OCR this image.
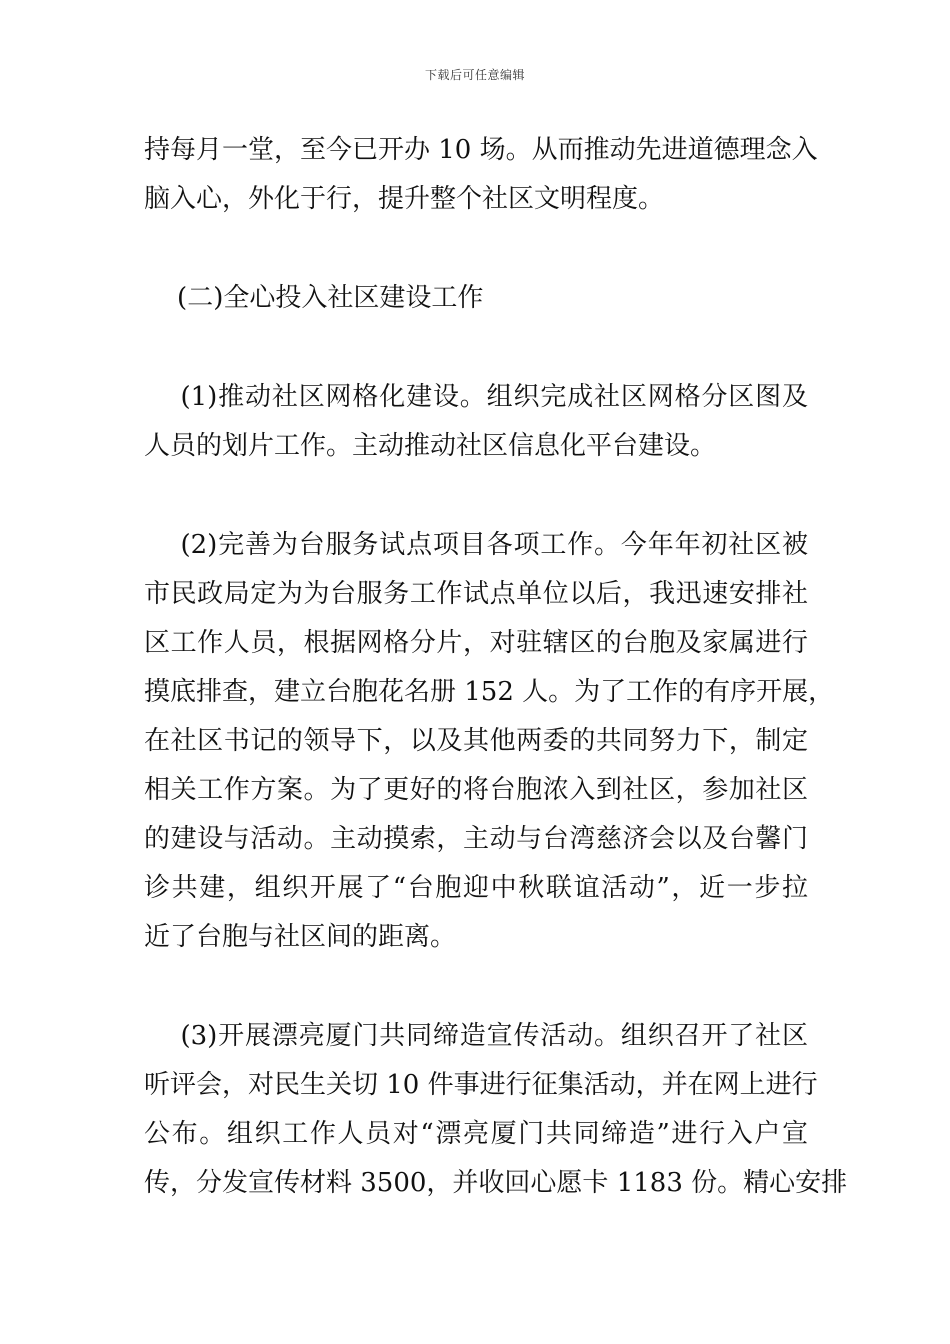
下载后可任意编辑
持每月一堂，至今已开办 10 场。从而推动先进道德理念入
脑入心，外化于行，提升整个社区文明程度。
(二)全心投入社区建设工作
(1)推动社区网格化建设。组织完成社区网格分区图及
人员的划片工作。主动推动社区信息化平台建设。
(2)完善为台服务试点项目各项工作。今年年初社区被
市民政局定为为台服务工作试点单位以后，我迅速安排社
区工作人员，根据网格分片，对驻辖区的台胞及家属进行
摸底排查，建立台胞花名册 152 人。为了工作的有序开展，
在社区书记的领导下，以及其他两委的共同努力下，制定
相关工作方案。为了更好的将台胞浓入到社区，参加社区
的建设与活动。主动摸索，主动与台湾慈济会以及台馨门
诊共建，组织开展了“台胞迎中秋联谊活动”，近一步拉
近了台胞与社区间的距离。
(3)开展漂亮厦门共同缔造宣传活动。组织召开了社区
听评会，对民生关切 10 件事进行征集活动，并在网上进行
公布。组织工作人员对“漂亮厦门共同缔造”进行入户宣
传，分发宣传材料 3500，并收回心愿卡 1183 份。精心安排
